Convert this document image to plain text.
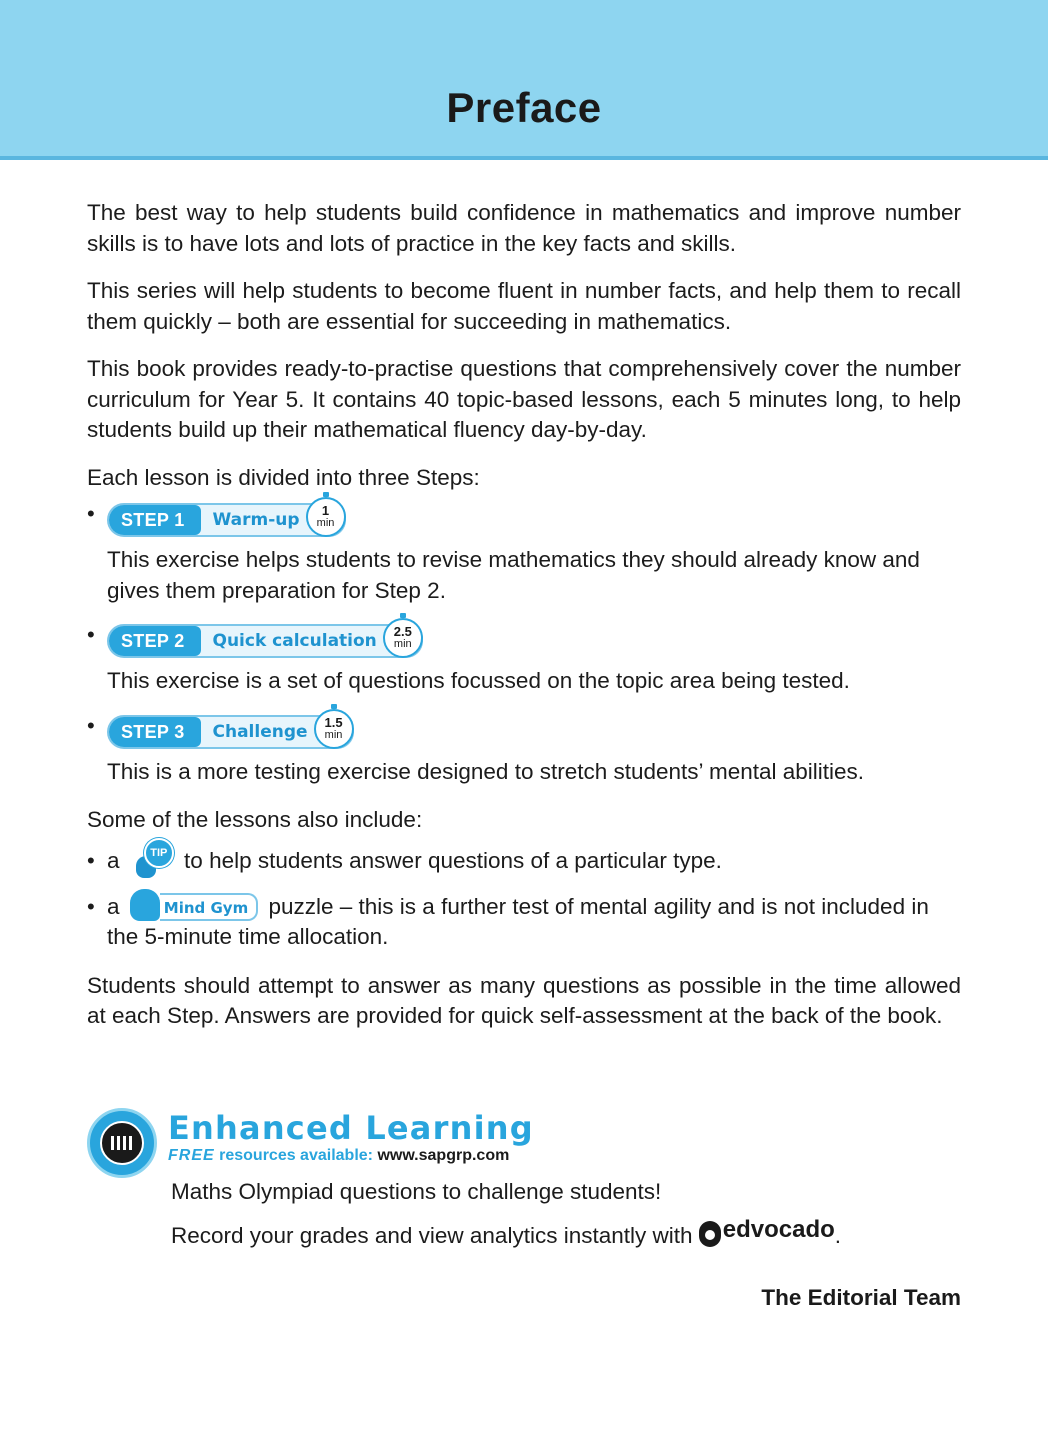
Preface

The best way to help students build confidence in mathematics and improve number skills is to have lots and lots of practice in the key facts and skills.

This series will help students to become fluent in number facts, and help them to recall them quickly – both are essential for succeeding in mathematics.

This book provides ready-to-practise questions that comprehensively cover the number curriculum for Year 5. It contains 40 topic-based lessons, each 5 minutes long, to help students build up their mathematical fluency day-by-day.

Each lesson is divided into three Steps:

•	STEP 1	Warm-up	1
min

This exercise helps students to revise mathematics they should already know and gives them preparation for Step 2.

•	STEP 2	Quick calculation	2.5
min

This exercise is a set of questions focussed on the topic area being tested.

•	STEP 3	Challenge	1.5
min

This is a more testing exercise designed to stretch students’ mental abilities.

Some of the lessons also include:

• a	TIP to help students answer questions of a particular type.
• a	Mind Gym puzzle – this is a further test of mental agility and is not included in the 5-minute time allocation.

Students should attempt to answer as many questions as possible in the time allowed at each Step. Answers are provided for quick self-assessment at the back of the book.

Enhanced Learning
FREE resources available: www.sapgrp.com
Maths Olympiad questions to challenge students!
Record your grades and view analytics instantly with edvocado .
The Editorial Team
